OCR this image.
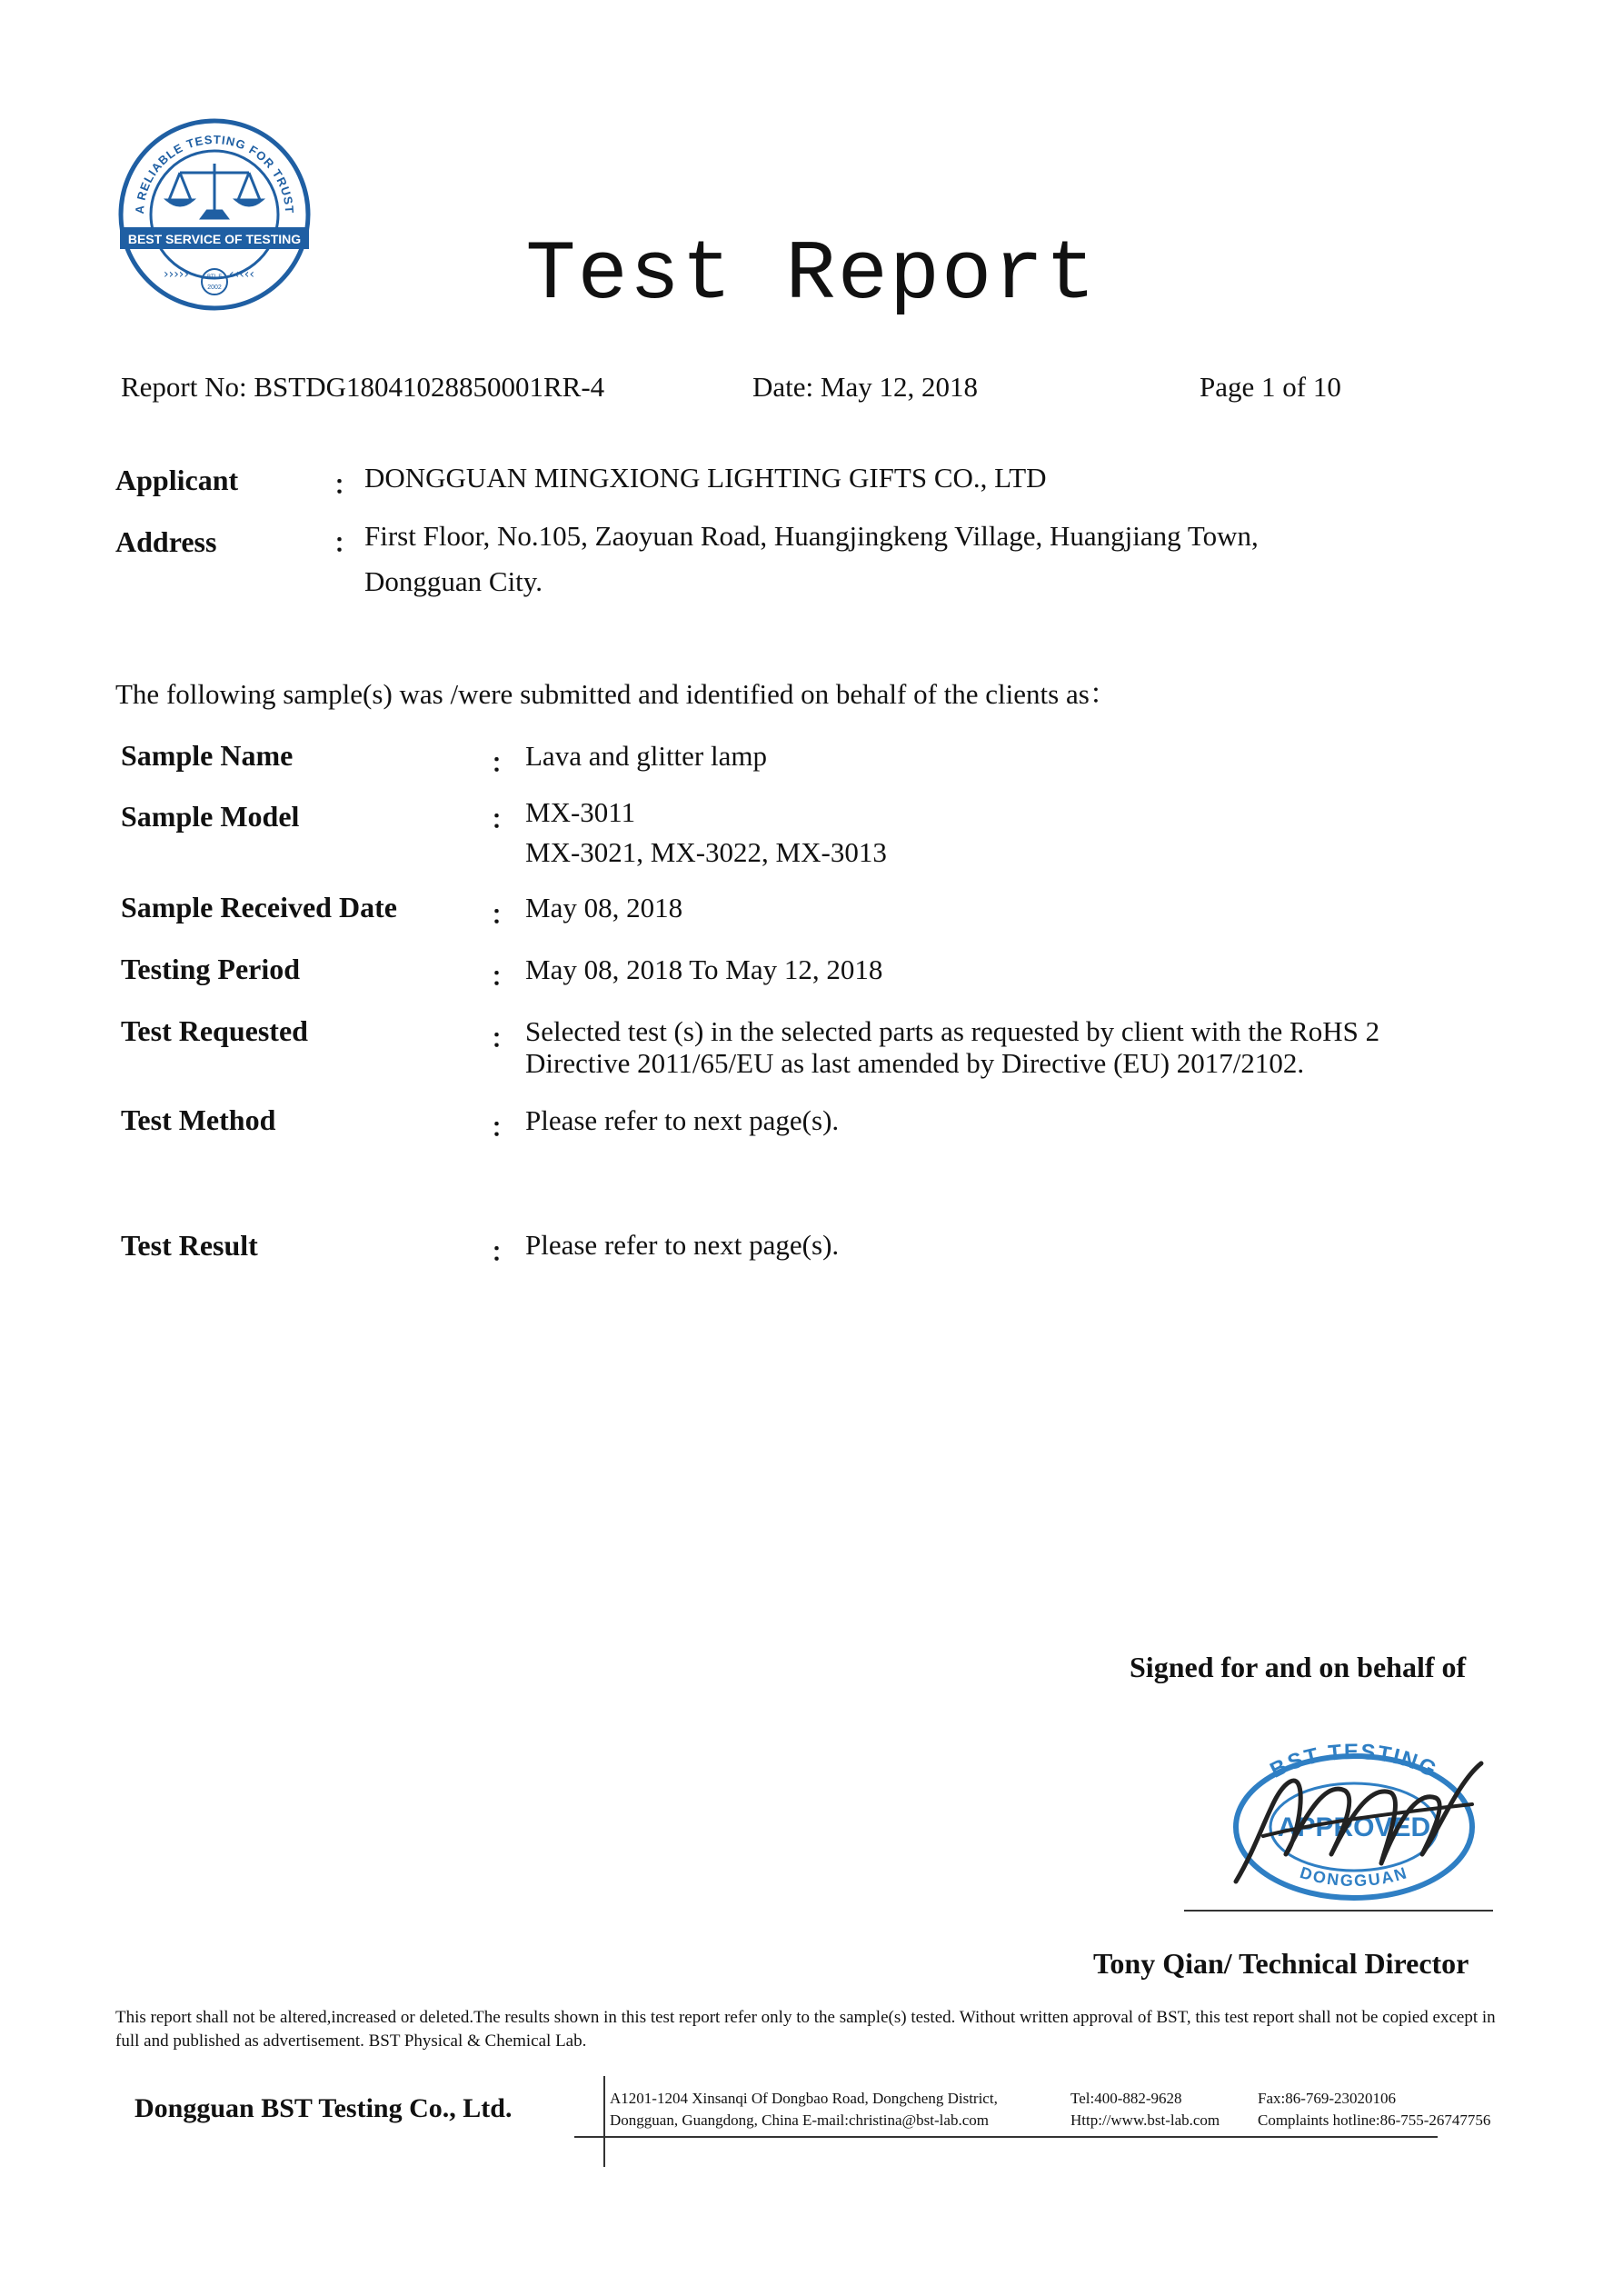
A RELIABLE TESTING FOR TRUST
BEST SERVICE OF TESTING
›››››	‹‹‹‹‹
BTL F
2002	Test Report
Report No: BSTDG18041028850001RR-4	Date: May 12, 2018	Page 1 of 10
Applicant	： DONGGUAN MINGXIONG LIGHTING GIFTS CO., LTD
Address	： First Floor, No.105, Zaoyuan Road, Huangjingkeng Village, Huangjiang Town,
Dongguan City.
The following sample(s) was /were submitted and identified on behalf of the clients as：
Sample Name	： Lava and glitter lamp
Sample Model	： MX-3011
MX-3021, MX-3022, MX-3013
Sample Received Date	： May 08, 2018
Testing Period	： May 08, 2018 To May 12, 2018
Test Requested	： Selected test (s) in the selected parts as requested by client with the RoHS 2
Directive 2011/65/EU as last amended by Directive (EU) 2017/2102.
Test Method	： Please refer to next page(s).
Test Result	： Please refer to next page(s).
Signed for and on behalf of
BST TESTING
DONGGUAN
APPROVED
Tony Qian/ Technical Director
This report shall not be altered,increased or deleted.The results shown in this test report refer only to the sample(s) tested. Without written approval of BST, this test report shall not be copied except in full and published as advertisement. BST Physical & Chemical Lab.
Dongguan BST Testing Co., Ltd.	A1201-1204 Xinsanqi Of Dongbao Road, Dongcheng District,
Dongguan, Guangdong, China E-mail:christina@bst-lab.com
Tel:400-882-9628
Http://www.bst-lab.com
Fax:86-769-23020106
Complaints hotline:86-755-26747756
